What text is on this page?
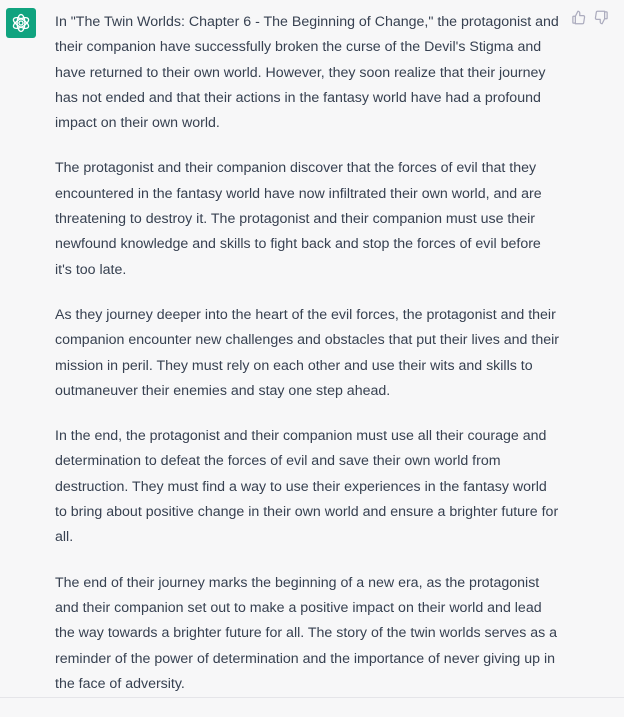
In "The Twin Worlds: Chapter 6 - The Beginning of Change," the protagonist and their companion have successfully broken the curse of the Devil's Stigma and have returned to their own world. However, they soon realize that their journey has not ended and that their actions in the fantasy world have had a profound impact on their own world.

The protagonist and their companion discover that the forces of evil that they encountered in the fantasy world have now infiltrated their own world, and are threatening to destroy it. The protagonist and their companion must use their newfound knowledge and skills to fight back and stop the forces of evil before it's too late.

As they journey deeper into the heart of the evil forces, the protagonist and their companion encounter new challenges and obstacles that put their lives and their mission in peril. They must rely on each other and use their wits and skills to outmaneuver their enemies and stay one step ahead.

In the end, the protagonist and their companion must use all their courage and determination to defeat the forces of evil and save their own world from destruction. They must find a way to use their experiences in the fantasy world to bring about positive change in their own world and ensure a brighter future for all.

The end of their journey marks the beginning of a new era, as the protagonist and their companion set out to make a positive impact on their world and lead the way towards a brighter future for all. The story of the twin worlds serves as a reminder of the power of determination and the importance of never giving up in the face of adversity.
